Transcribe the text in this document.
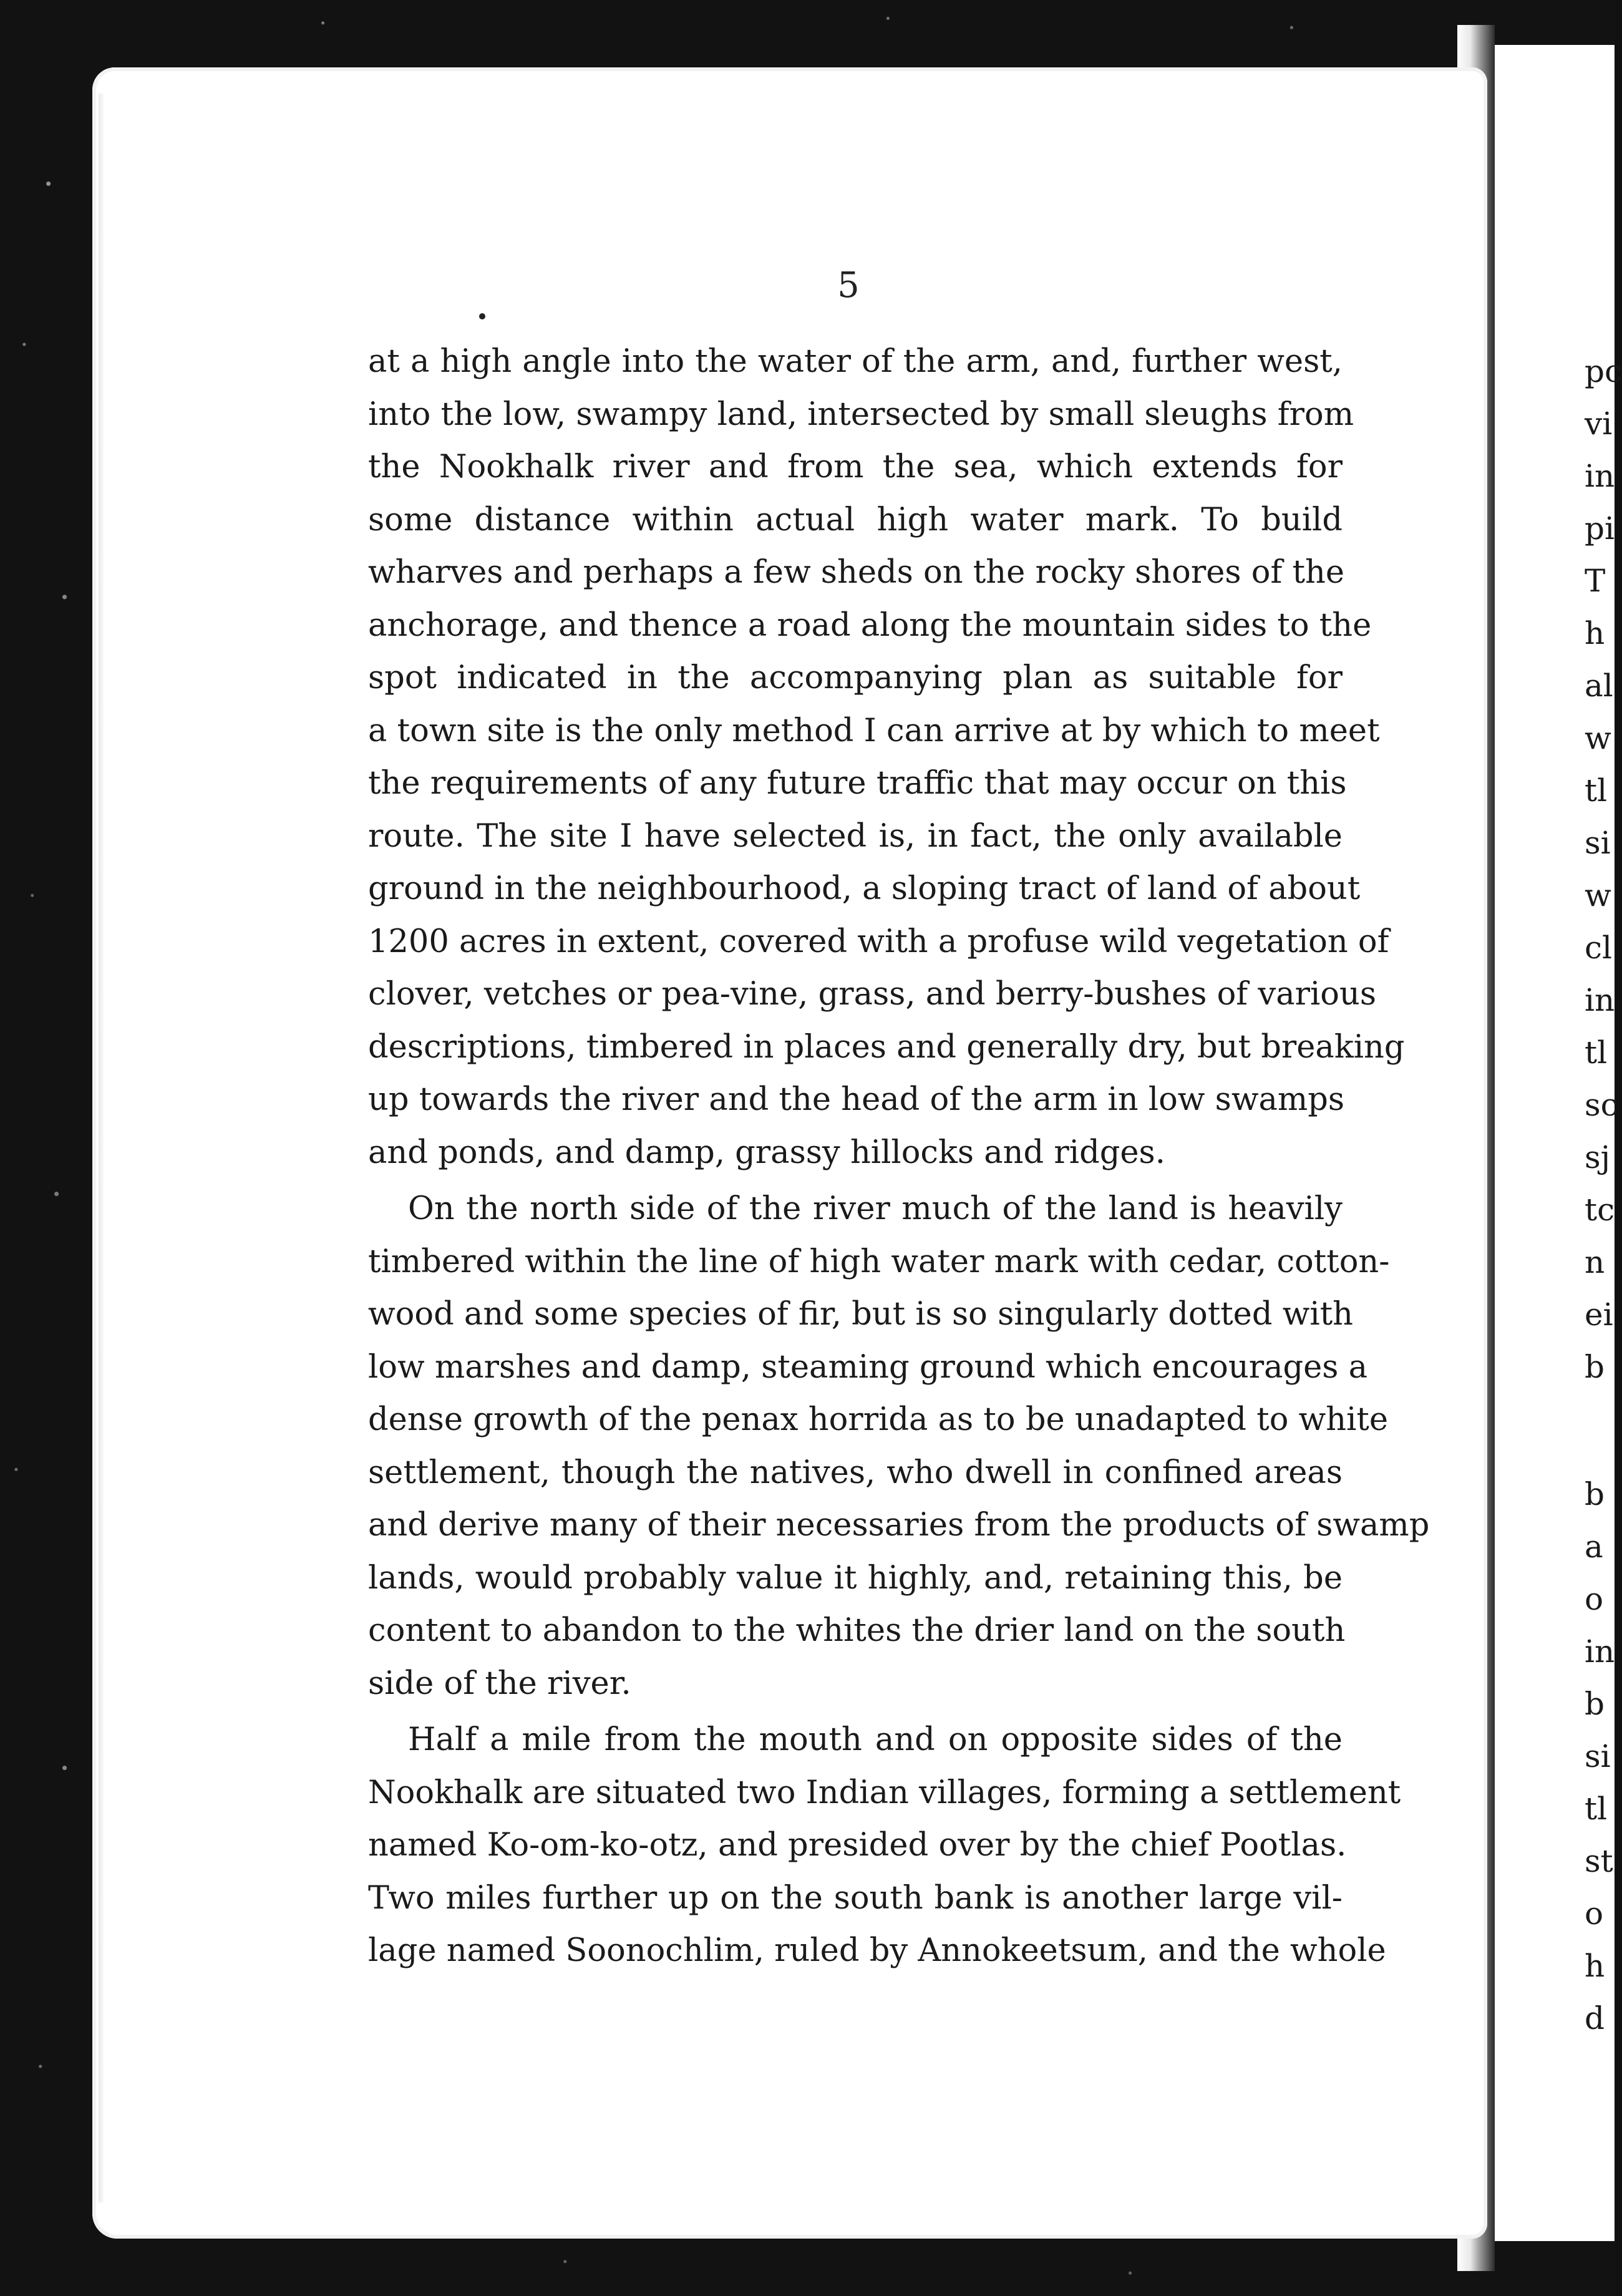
5
at a high angle into the water of the arm, and, further west,
into the low, swampy land, intersected by small sleughs from
the Nookhalk river and from the sea, which extends for
some distance within actual high water mark. To build
wharves and perhaps a few sheds on the rocky shores of the
anchorage, and thence a road along the mountain sides to the
spot indicated in the accompanying plan as suitable for
a town site is the only method I can arrive at by which to meet
the requirements of any future traffic that may occur on this
route. The site I have selected is, in fact, the only available
ground in the neighbourhood, a sloping tract of land of about
1200 acres in extent, covered with a profuse wild vegetation of
clover, vetches or pea-vine, grass, and berry-bushes of various
descriptions, timbered in places and generally dry, but breaking
up towards the river and the head of the arm in low swamps
and ponds, and damp, grassy hillocks and ridges.
On the north side of the river much of the land is heavily
timbered within the line of high water mark with cedar, cotton-
wood and some species of fir, but is so singularly dotted with
low marshes and damp, steaming ground which encourages a
dense growth of the penax horrida as to be unadapted to white
settlement, though the natives, who dwell in confined areas
and derive many of their necessaries from the products of swamp
lands, would probably value it highly, and, retaining this, be
content to abandon to the whites the drier land on the south
side of the river.
Half a mile from the mouth and on opposite sides of the
Nookhalk are situated two Indian villages, forming a settlement
named Ko-om-ko-otz, and presided over by the chief Pootlas.
Two miles further up on the south bank is another large vil-
lage named Soonochlim, ruled by Annokeetsum, and the whole
pc
vi
in
pi
T
h
al
w
tl
si
w
cl
in
tl
sc
sj
tc
n
ei
b
b
a
o
in
b
si
tl
st
o
h
d
